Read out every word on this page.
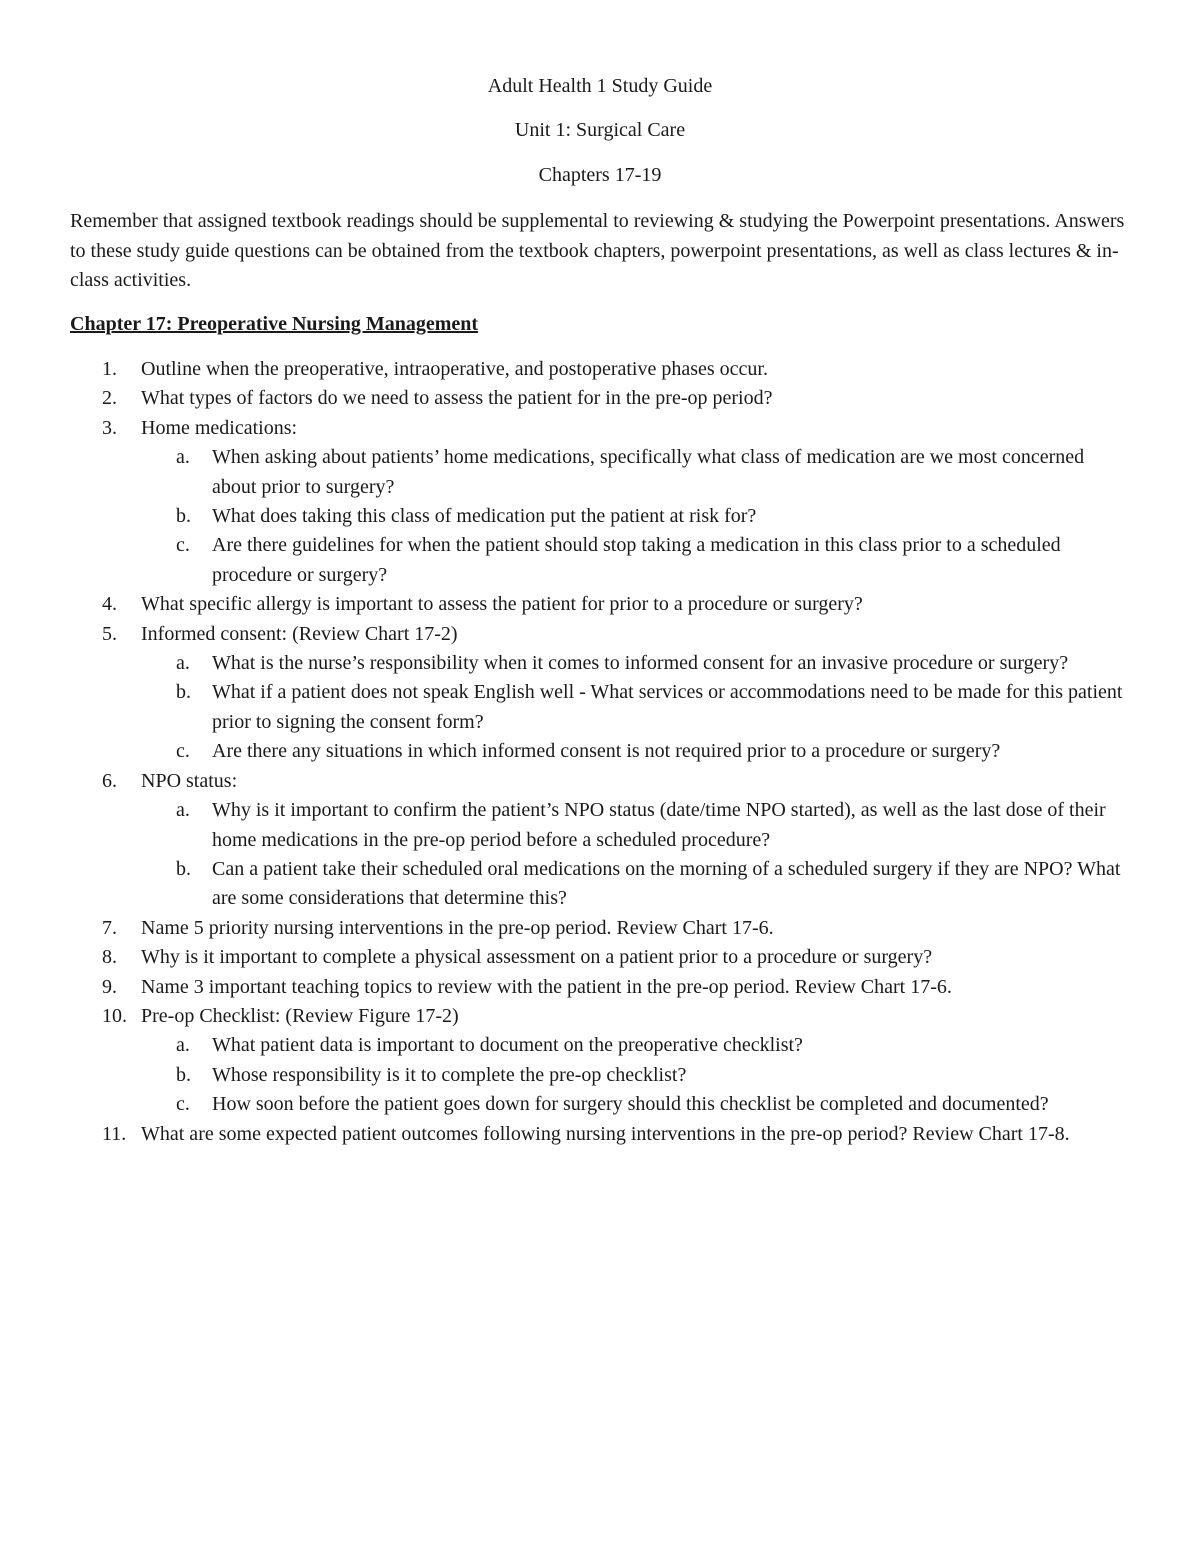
Adult Health 1 Study Guide
Unit 1: Surgical Care
Chapters 17-19
Remember that assigned textbook readings should be supplemental to reviewing & studying the Powerpoint presentations. Answers to these study guide questions can be obtained from the textbook chapters, powerpoint presentations, as well as class lectures & in-class activities.
Chapter 17: Preoperative Nursing Management
1. Outline when the preoperative, intraoperative, and postoperative phases occur.
2. What types of factors do we need to assess the patient for in the pre-op period?
3. Home medications:
a. When asking about patients’ home medications, specifically what class of medication are we most concerned about prior to surgery?
b. What does taking this class of medication put the patient at risk for?
c. Are there guidelines for when the patient should stop taking a medication in this class prior to a scheduled procedure or surgery?
4. What specific allergy is important to assess the patient for prior to a procedure or surgery?
5. Informed consent: (Review Chart 17-2)
a. What is the nurse’s responsibility when it comes to informed consent for an invasive procedure or surgery?
b. What if a patient does not speak English well - What services or accommodations need to be made for this patient prior to signing the consent form?
c. Are there any situations in which informed consent is not required prior to a procedure or surgery?
6. NPO status:
a. Why is it important to confirm the patient’s NPO status (date/time NPO started), as well as the last dose of their home medications in the pre-op period before a scheduled procedure?
b. Can a patient take their scheduled oral medications on the morning of a scheduled surgery if they are NPO? What are some considerations that determine this?
7. Name 5 priority nursing interventions in the pre-op period. Review Chart 17-6.
8. Why is it important to complete a physical assessment on a patient prior to a procedure or surgery?
9. Name 3 important teaching topics to review with the patient in the pre-op period. Review Chart 17-6.
10. Pre-op Checklist: (Review Figure 17-2)
a. What patient data is important to document on the preoperative checklist?
b. Whose responsibility is it to complete the pre-op checklist?
c. How soon before the patient goes down for surgery should this checklist be completed and documented?
11. What are some expected patient outcomes following nursing interventions in the pre-op period? Review Chart 17-8.
